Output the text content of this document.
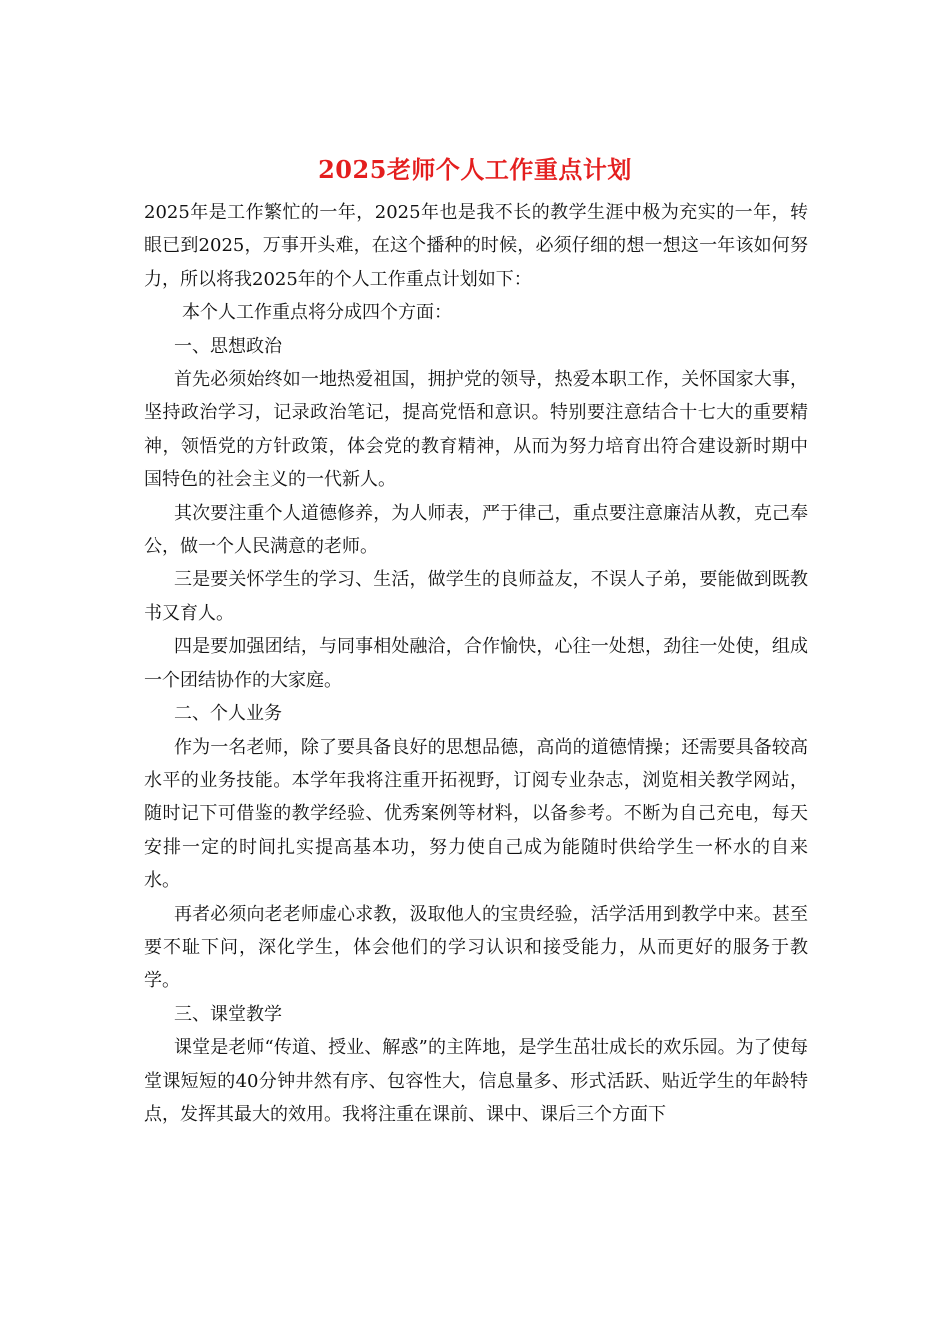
2025老师个人工作重点计划

2025年是工作繁忙的一年，2025年也是我不长的教学生涯中极为充实的一年，转眼已到2025，万事开头难，在这个播种的时候，必须仔细的想一想这一年该如何努力，所以将我2025年的个人工作重点计划如下：

本个人工作重点将分成四个方面：

一、思想政治

首先必须始终如一地热爱祖国，拥护党的领导，热爱本职工作，关怀国家大事，坚持政治学习，记录政治笔记，提高党悟和意识。特别要注意结合十七大的重要精神，领悟党的方针政策，体会党的教育精神，从而为努力培育出符合建设新时期中国特色的社会主义的一代新人。

其次要注重个人道德修养，为人师表，严于律己，重点要注意廉洁从教，克己奉公，做一个人民满意的老师。

三是要关怀学生的学习、生活，做学生的良师益友，不误人子弟，要能做到既教书又育人。

四是要加强团结，与同事相处融洽，合作愉快，心往一处想，劲往一处使，组成一个团结协作的大家庭。

二、个人业务

作为一名老师，除了要具备良好的思想品德，高尚的道德情操；还需要具备较高水平的业务技能。本学年我将注重开拓视野，订阅专业杂志，浏览相关教学网站，随时记下可借鉴的教学经验、优秀案例等材料，以备参考。不断为自己充电，每天安排一定的时间扎实提高基本功，努力使自己成为能随时供给学生一杯水的自来水。

再者必须向老老师虚心求教，汲取他人的宝贵经验，活学活用到教学中来。甚至要不耻下问，深化学生，体会他们的学习认识和接受能力，从而更好的服务于教学。

三、课堂教学

课堂是老师“传道、授业、解惑”的主阵地，是学生茁壮成长的欢乐园。为了使每堂课短短的40分钟井然有序、包容性大，信息量多、形式活跃、贴近学生的年龄特点，发挥其最大的效用。我将注重在课前、课中、课后三个方面下
